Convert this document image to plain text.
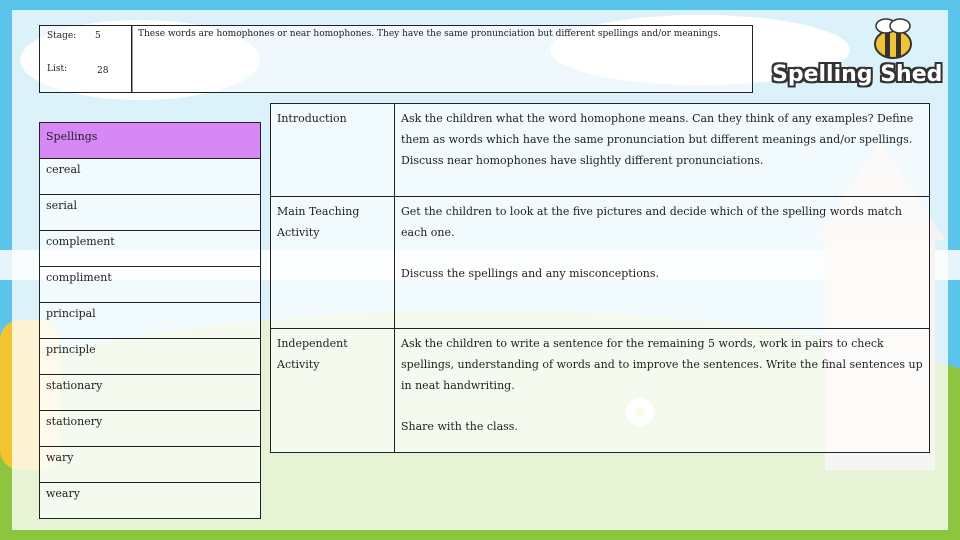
Stage: 5
List:	28
These words are homophones or near homophones. They have the same pronunciation but different spellings and/or meanings.
Spelling Shed
Spellings
cereal
serial
complement
compliment
principal
principle
stationary
stationery
wary
weary
Introduction	Ask the children what the word homophone means. Can they think of any examples? Define them as words which have the same pronunciation but different meanings and/or spellings. Discuss near homophones have slightly different pronunciations.
Main Teaching Activity
Get the children to look at the five pictures and decide which of the spelling words match each one.
Discuss the spellings and any misconceptions.
Independent Activity
Ask the children to write a sentence for the remaining 5 words, work in pairs to check spellings, understanding of words and to improve the sentences. Write the final sentences up in neat handwriting.
Share with the class.
